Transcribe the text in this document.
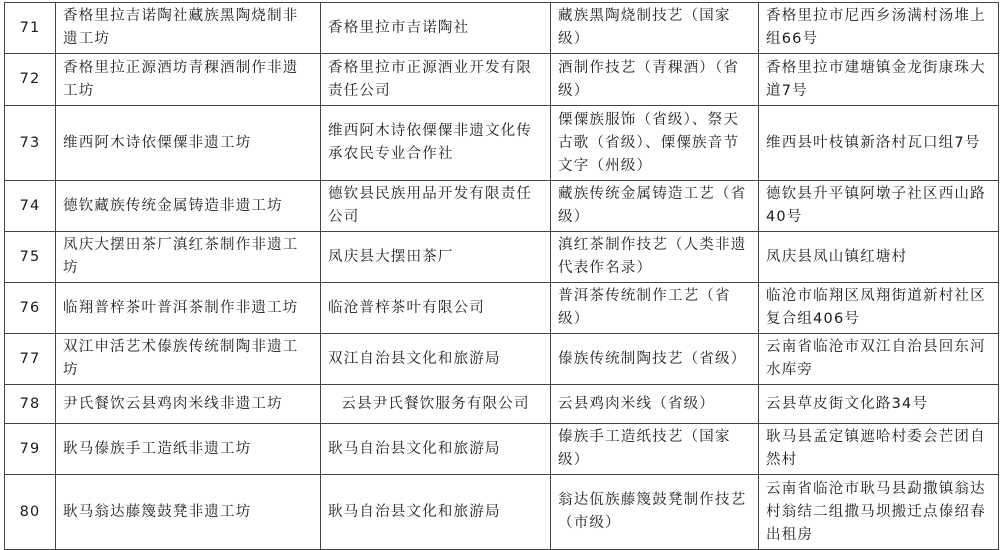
71	香格里拉吉诺陶社藏族黑陶烧制非遗工坊	香格里拉市吉诺陶社	藏族黑陶烧制技艺（国家级）	香格里拉市尼西乡汤满村汤堆上组66号
72	香格里拉正源酒坊青稞酒制作非遗工坊	香格里拉市正源酒业开发有限责任公司	酒制作技艺（青稞酒）（省级）	香格里拉市建塘镇金龙街康珠大道7号
73	维西阿木诗依傈僳非遗工坊	维西阿木诗依傈僳非遗文化传承农民专业合作社	傈僳族服饰（省级）、祭天古歌（省级）、傈僳族音节文字（州级）	维西县叶枝镇新洛村瓦口组7号
74	德钦藏族传统金属铸造非遗工坊	德钦县民族用品开发有限责任公司	藏族传统金属铸造工艺（省级）	德钦县升平镇阿墩子社区西山路40号
75	凤庆大摆田茶厂滇红茶制作非遗工坊	凤庆县大摆田茶厂	滇红茶制作技艺（人类非遗代表作名录）	凤庆县凤山镇红塘村
76	临翔普梓茶叶普洱茶制作非遗工坊	临沧普梓茶叶有限公司	普洱茶传统制作工艺（省级）	临沧市临翔区凤翔街道新村社区复合组406号
77	双江申活艺术傣族传统制陶非遗工坊	双江自治县文化和旅游局	傣族传统制陶技艺（省级）	云南省临沧市双江自治县回东河水库旁
78	尹氏餐饮云县鸡肉米线非遗工坊	云县尹氏餐饮服务有限公司	云县鸡肉米线（省级）	云县草皮街文化路34号
79	耿马傣族手工造纸非遗工坊	耿马自治县文化和旅游局	傣族手工造纸技艺（国家级）	耿马县孟定镇遮哈村委会芒团自然村
80	耿马翁达藤篾鼓凳非遗工坊	耿马自治县文化和旅游局	翁达佤族藤篾鼓凳制作技艺（市级）	云南省临沧市耿马县勐撒镇翁达村翁结二组撒马坝搬迁点傣绍春出租房
